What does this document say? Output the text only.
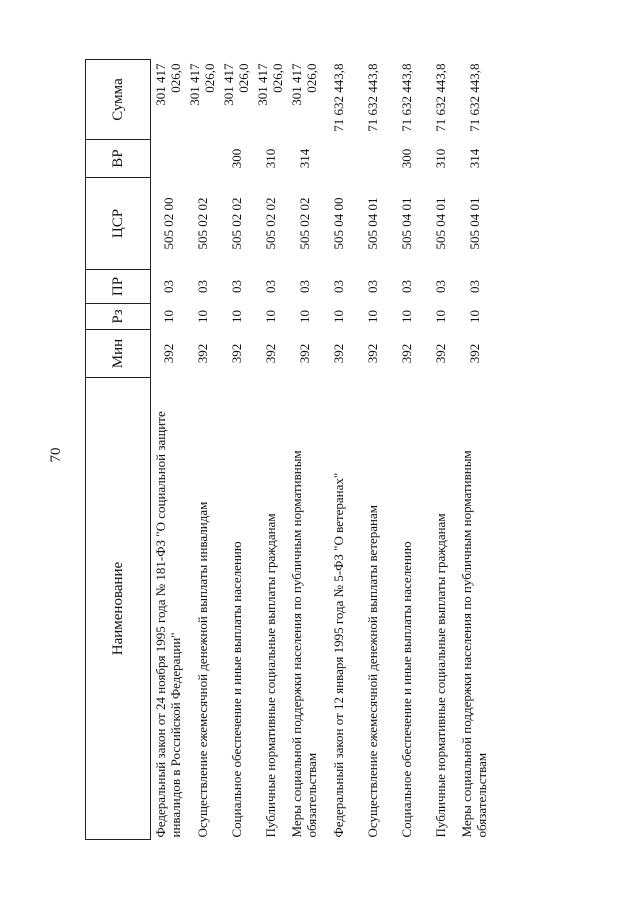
70
Наименование	Мин	Рз	ПР	ЦСР	ВР	Сумма
Федеральный закон от 24 ноября 1995 года № 181-ФЗ "О социальной защите инвалидов в Российской Федерации"	392	10	03	505 02 00		301 417 026,0
Осуществление ежемесячной денежной выплаты инвалидам	392	10	03	505 02 02		301 417 026,0
Социальное обеспечение и иные выплаты населению	392	10	03	505 02 02	300	301 417 026,0
Публичные нормативные социальные выплаты гражданам	392	10	03	505 02 02	310	301 417 026,0
Меры социальной поддержки населения по публичным нормативным обязательствам	392	10	03	505 02 02	314	301 417 026,0
Федеральный закон от 12 января 1995 года № 5-ФЗ "О ветеранах"	392	10	03	505 04 00		71 632 443,8
Осуществление ежемесячной денежной выплаты ветеранам	392	10	03	505 04 01		71 632 443,8
Социальное обеспечение и иные выплаты населению	392	10	03	505 04 01	300	71 632 443,8
Публичные нормативные социальные выплаты гражданам	392	10	03	505 04 01	310	71 632 443,8
Меры социальной поддержки населения по публичным нормативным обязательствам	392	10	03	505 04 01	314	71 632 443,8
